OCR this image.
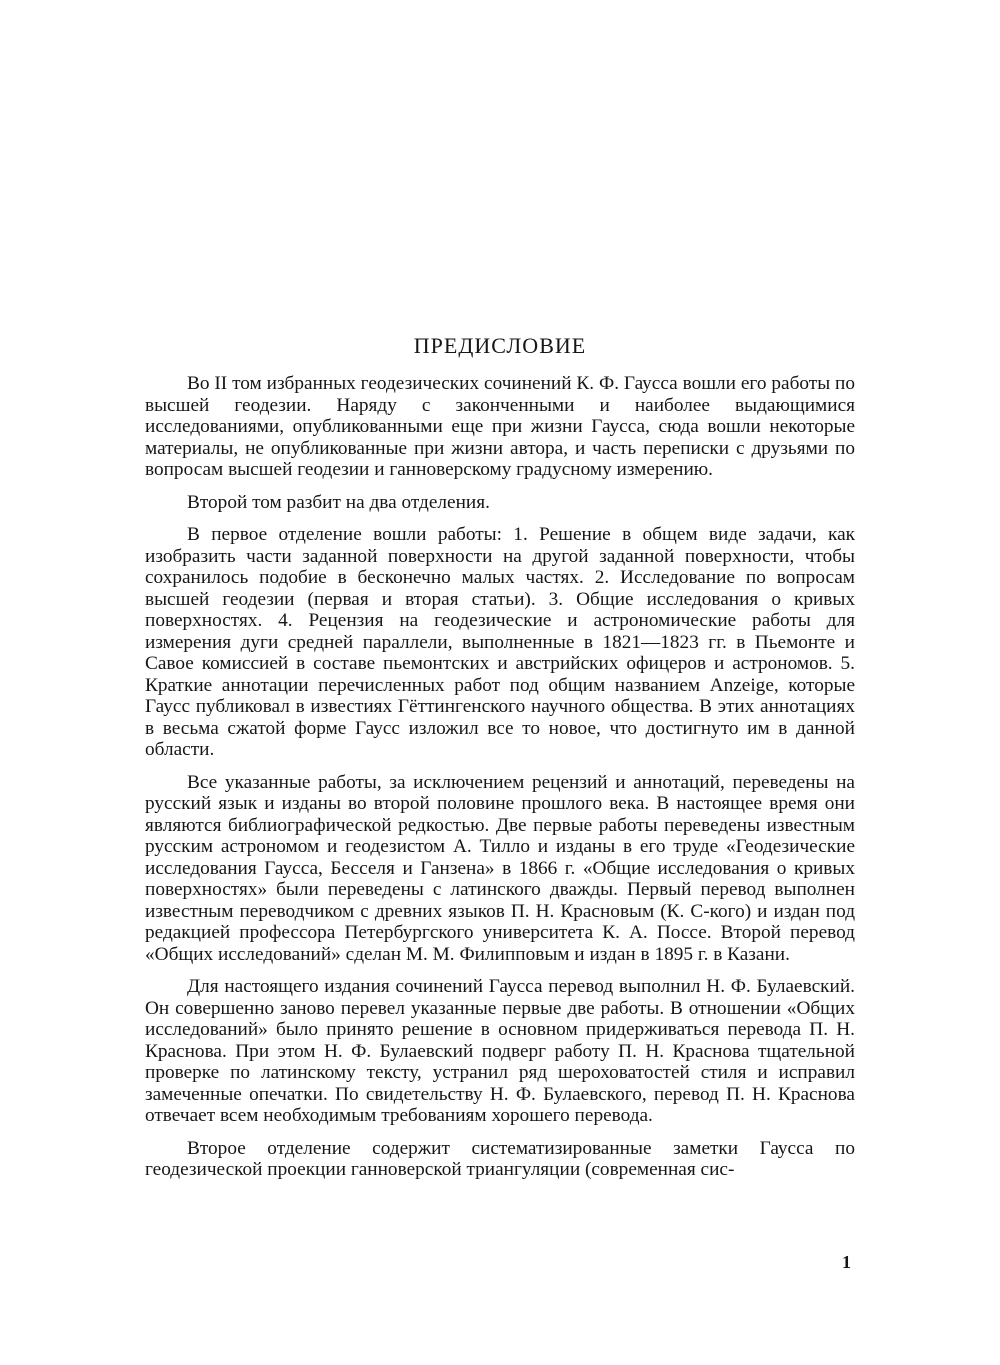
ПРЕДИСЛОВИЕ

Во II том избранных геодезических сочинений К. Ф. Гаусса вошли его работы по высшей геодезии. Наряду с законченными и наиболее выдающимися исследованиями, опубликованными еще при жизни Гаусса, сюда вошли некоторые материалы, не опубликованные при жизни автора, и часть переписки с друзьями по вопросам высшей геодезии и ганноверскому градусному измерению.

Второй том разбит на два отделения.

В первое отделение вошли работы: 1. Решение в общем виде задачи, как изобразить части заданной поверхности на другой заданной поверхности, чтобы сохранилось подобие в бесконечно малых частях. 2. Исследование по вопросам высшей геодезии (первая и вторая статьи). 3. Общие исследования о кривых поверхностях. 4. Рецензия на геодезические и астрономические работы для измерения дуги средней параллели, выполненные в 1821—1823 гг. в Пьемонте и Савое комиссией в составе пьемонтских и австрийских офицеров и астрономов. 5. Краткие аннотации перечисленных работ под общим названием Anzeige, которые Гаусс публиковал в известиях Гёттингенского научного общества. В этих аннотациях в весьма сжатой форме Гаусс изложил все то новое, что достигнуто им в данной области.

Все указанные работы, за исключением рецензий и аннотаций, переведены на русский язык и изданы во второй половине прошлого века. В настоящее время они являются библиографической редкостью. Две первые работы переведены известным русским астрономом и геодезистом А. Тилло и изданы в его труде «Геодезические исследования Гаусса, Бесселя и Ганзена» в 1866 г. «Общие исследования о кривых поверхностях» были переведены с латинского дважды. Первый перевод выполнен известным переводчиком с древних языков П. Н. Красновым (К. С-кого) и издан под редакцией профессора Петербургского университета К. А. Поссе. Второй перевод «Общих исследований» сделан М. М. Филипповым и издан в 1895 г. в Казани.

Для настоящего издания сочинений Гаусса перевод выполнил Н. Ф. Булаевский. Он совершенно заново перевел указанные первые две работы. В отношении «Общих исследований» было принято решение в основном придерживаться перевода П. Н. Краснова. При этом Н. Ф. Булаевский подверг работу П. Н. Краснова тщательной проверке по латинскому тексту, устранил ряд шероховатостей стиля и исправил замеченные опечатки. По свидетельству Н. Ф. Булаевского, перевод П. Н. Краснова отвечает всем необходимым требованиям хорошего перевода.

Второе отделение содержит систематизированные заметки Гаусса по геодезической проекции ганноверской триангуляции (современная сис-

1
